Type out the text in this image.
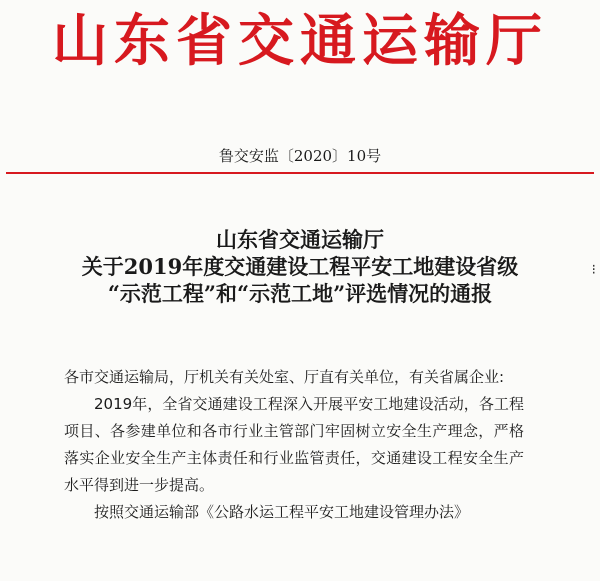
山东省交通运输厅
鲁交安监〔2020〕10号
山东省交通运输厅
关于2019年度交通建设工程平安工地建设省级
“示范工程”和“示范工地”评选情况的通报

各市交通运输局，厅机关有关处室、厅直有关单位，有关省属企业:

2019年，全省交通建设工程深入开展平安工地建设活动，各工程项目、各参建单位和各市行业主管部门牢固树立安全生产理念，严格落实企业安全生产主体责任和行业监管责任，交通建设工程安全生产水平得到进一步提高。

按照交通运输部《公路水运工程平安工地建设管理办法》

⁝
